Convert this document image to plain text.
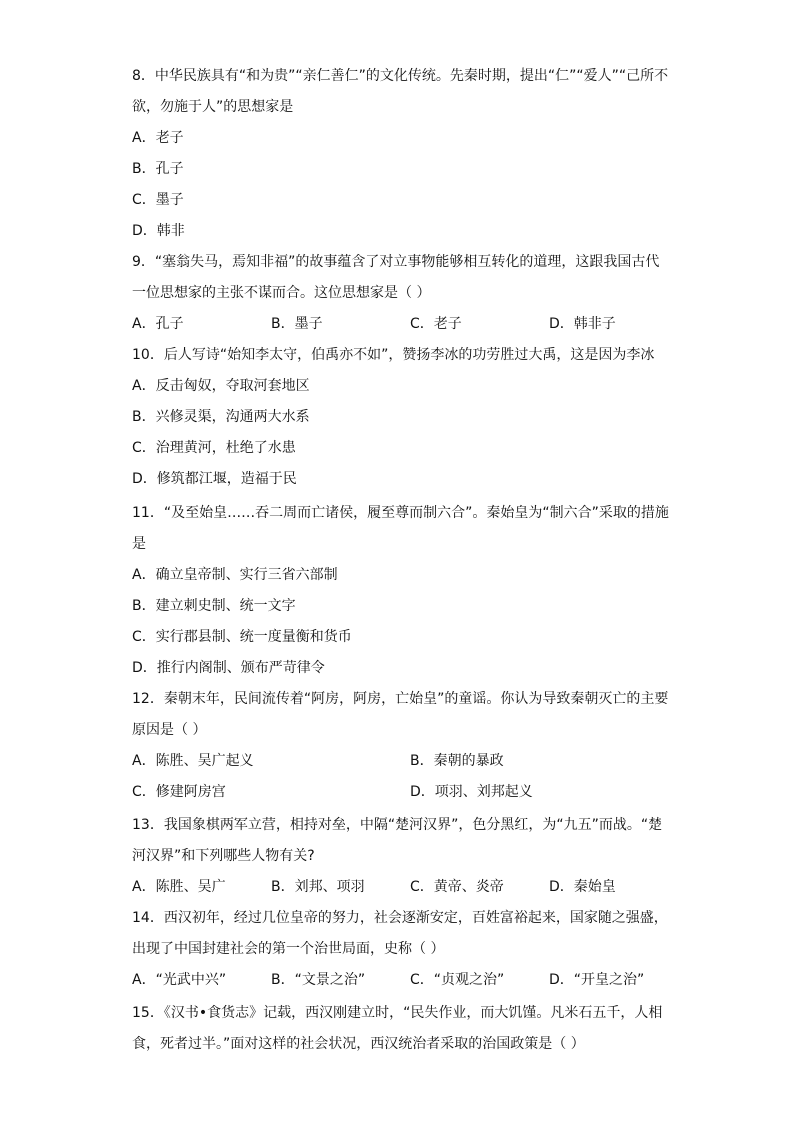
8．中华民族具有“和为贵”“亲仁善仁”的文化传统。先秦时期，提出“仁”“爱人”“己所不
欲，勿施于人”的思想家是
A．老子
B．孔子
C．墨子
D．韩非
9．“塞翁失马，焉知非福”的故事蕴含了对立事物能够相互转化的道理，这跟我国古代
一位思想家的主张不谋而合。这位思想家是（ ）
A．孔子	B．墨子	C．老子	D．韩非子
10．后人写诗“始知李太守，伯禹亦不如”，赞扬李冰的功劳胜过大禹，这是因为李冰
A．反击匈奴，夺取河套地区
B．兴修灵渠，沟通两大水系
C．治理黄河，杜绝了水患
D．修筑都江堰，造福于民
11．“及至始皇……吞二周而亡诸侯，履至尊而制六合”。秦始皇为“制六合”采取的措施
是
A．确立皇帝制、实行三省六部制
B．建立刺史制、统一文字
C．实行郡县制、统一度量衡和货币
D．推行内阁制、颁布严苛律令
12．秦朝末年，民间流传着“阿房，阿房，亡始皇”的童谣。你认为导致秦朝灭亡的主要
原因是（ ）
A．陈胜、吴广起义	B．秦朝的暴政
C．修建阿房宫	D．项羽、刘邦起义
13．我国象棋两军立营，相持对垒，中隔“楚河汉界”，色分黑红，为“九五”而战。“楚
河汉界”和下列哪些人物有关?
A．陈胜、吴广	B．刘邦、项羽	C．黄帝、炎帝	D．秦始皇
14．西汉初年，经过几位皇帝的努力，社会逐渐安定，百姓富裕起来，国家随之强盛，
出现了中国封建社会的第一个治世局面，史称（ ）
A．“光武中兴”	B．“文景之治”	C．“贞观之治”	D．“开皇之治”
15．《汉书•食货志》记载，西汉刚建立时，“民失作业，而大饥馑。凡米石五千，人相
食，死者过半。”面对这样的社会状况，西汉统治者采取的治国政策是（ ）
